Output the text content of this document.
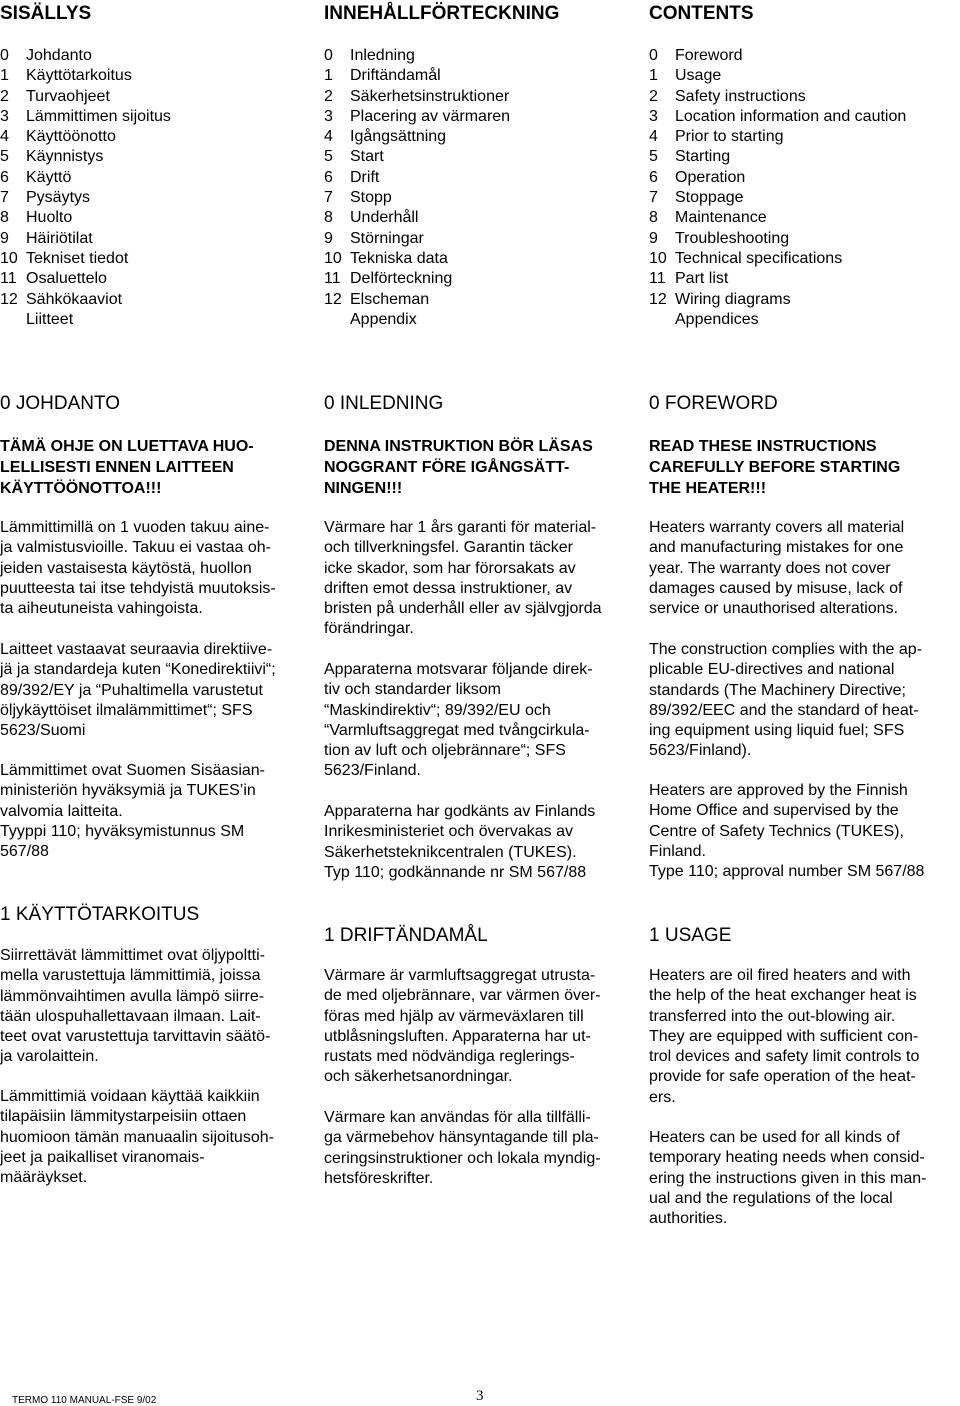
SISÄLLYS
0	Johdanto
1	Käyttötarkoitus
2	Turvaohjeet
3	Lämmittimen sijoitus
4	Käyttöönotto
5	Käynnistys
6	Käyttö
7	Pysäytys
8	Huolto
9	Häiriötilat
10 Tekniset tiedot
11 Osaluettelo
12 Sähkökaaviot
Liitteet
INNEHÅLLFÖRTECKNING
0	Inledning
1	Driftändamål
2	Säkerhetsinstruktioner
3	Placering av värmaren
4	Igångsättning
5	Start
6	Drift
7	Stopp
8	Underhåll
9	Störningar
10 Tekniska data
11 Delförteckning
12 Elscheman
Appendix
CONTENTS
0	Foreword
1	Usage
2	Safety instructions
3	Location information and caution
4	Prior to starting
5	Starting
6	Operation
7	Stoppage
8	Maintenance
9	Troubleshooting
10 Technical specifications
11 Part list
12 Wiring diagrams
Appendices
0 JOHDANTO
TÄMÄ OHJE ON LUETTAVA HUO-
LELLISESTI ENNEN LAITTEEN
KÄYTTÖÖNOTTOA!!!
Lämmittimillä on 1 vuoden takuu aine-
ja valmistusvioille. Takuu ei vastaa oh-
jeiden vastaisesta käytöstä, huollon
puutteesta tai itse tehdyistä muutoksis-
ta aiheutuneista vahingoista.
Laitteet vastaavat seuraavia direktiive-
jä ja standardeja kuten “Konedirektiivi“;
89/392/EY ja “Puhaltimella varustetut
öljykäyttöiset ilmalämmittimet“; SFS
5623/Suomi
Lämmittimet ovat Suomen Sisäasian-
ministeriön hyväksymiä ja TUKES’in
valvomia laitteita.
Tyyppi 110; hyväksymistunnus SM
567/88
0 INLEDNING
DENNA INSTRUKTION BÖR LÄSAS
NOGGRANT FÖRE IGÅNGSÄTT-
NINGEN!!!
Värmare har 1 års garanti för material-
och tillverkningsfel. Garantin täcker
icke skador, som har förorsakats av
driften emot dessa instruktioner, av
bristen på underhåll eller av självgjorda
förändringar.
Apparaterna motsvarar följande direk-
tiv och standarder liksom
“Maskindirektiv“; 89/392/EU och
“Varmluftsaggregat med tvångcirkula-
tion av luft och oljebrännare“; SFS
5623/Finland.
Apparaterna har godkänts av Finlands
Inrikesministeriet och övervakas av
Säkerhetsteknikcentralen (TUKES).
Typ 110; godkännande nr SM 567/88
0 FOREWORD
READ THESE INSTRUCTIONS
CAREFULLY BEFORE STARTING
THE HEATER!!!
Heaters warranty covers all material
and manufacturing mistakes for one
year. The warranty does not cover
damages caused by misuse, lack of
service or unauthorised alterations.
The construction complies with the ap-
plicable EU-directives and national
standards (The Machinery Directive;
89/392/EEC and the standard of heat-
ing equipment using liquid fuel; SFS
5623/Finland).
Heaters are approved by the Finnish
Home Office and supervised by the
Centre of Safety Technics (TUKES),
Finland.
Type 110; approval number SM 567/88
1 KÄYTTÖTARKOITUS
Siirrettävät lämmittimet ovat öljypoltti-
mella varustettuja lämmittimiä, joissa
lämmönvaihtimen avulla lämpö siirre-
tään ulospuhallettavaan ilmaan. Lait-
teet ovat varustettuja tarvittavin säätö-
ja varolaittein.
Lämmittimiä voidaan käyttää kaikkiin
tilapäisiin lämmitystarpeisiin ottaen
huomioon tämän manuaalin sijoitusoh-
jeet ja paikalliset viranomais-
määräykset.
1 DRIFTÄNDAMÅL
Värmare är varmluftsaggregat utrusta-
de med oljebrännare, var värmen över-
föras med hjälp av värmeväxlaren till
utblåsningsluften. Apparaterna har ut-
rustats med nödvändiga reglerings-
och säkerhetsanordningar.
Värmare kan användas för alla tillfälli-
ga värmebehov hänsyntagande till pla-
ceringsinstruktioner och lokala myndig-
hetsföreskrifter.
1 USAGE
Heaters are oil fired heaters and with
the help of the heat exchanger heat is
transferred into the out-blowing air.
They are equipped with sufficient con-
trol devices and safety limit controls to
provide for safe operation of the heat-
ers.
Heaters can be used for all kinds of
temporary heating needs when consid-
ering the instructions given in this man-
ual and the regulations of the local
authorities.
TERMO 110 MANUAL-FSE 9/02	3
